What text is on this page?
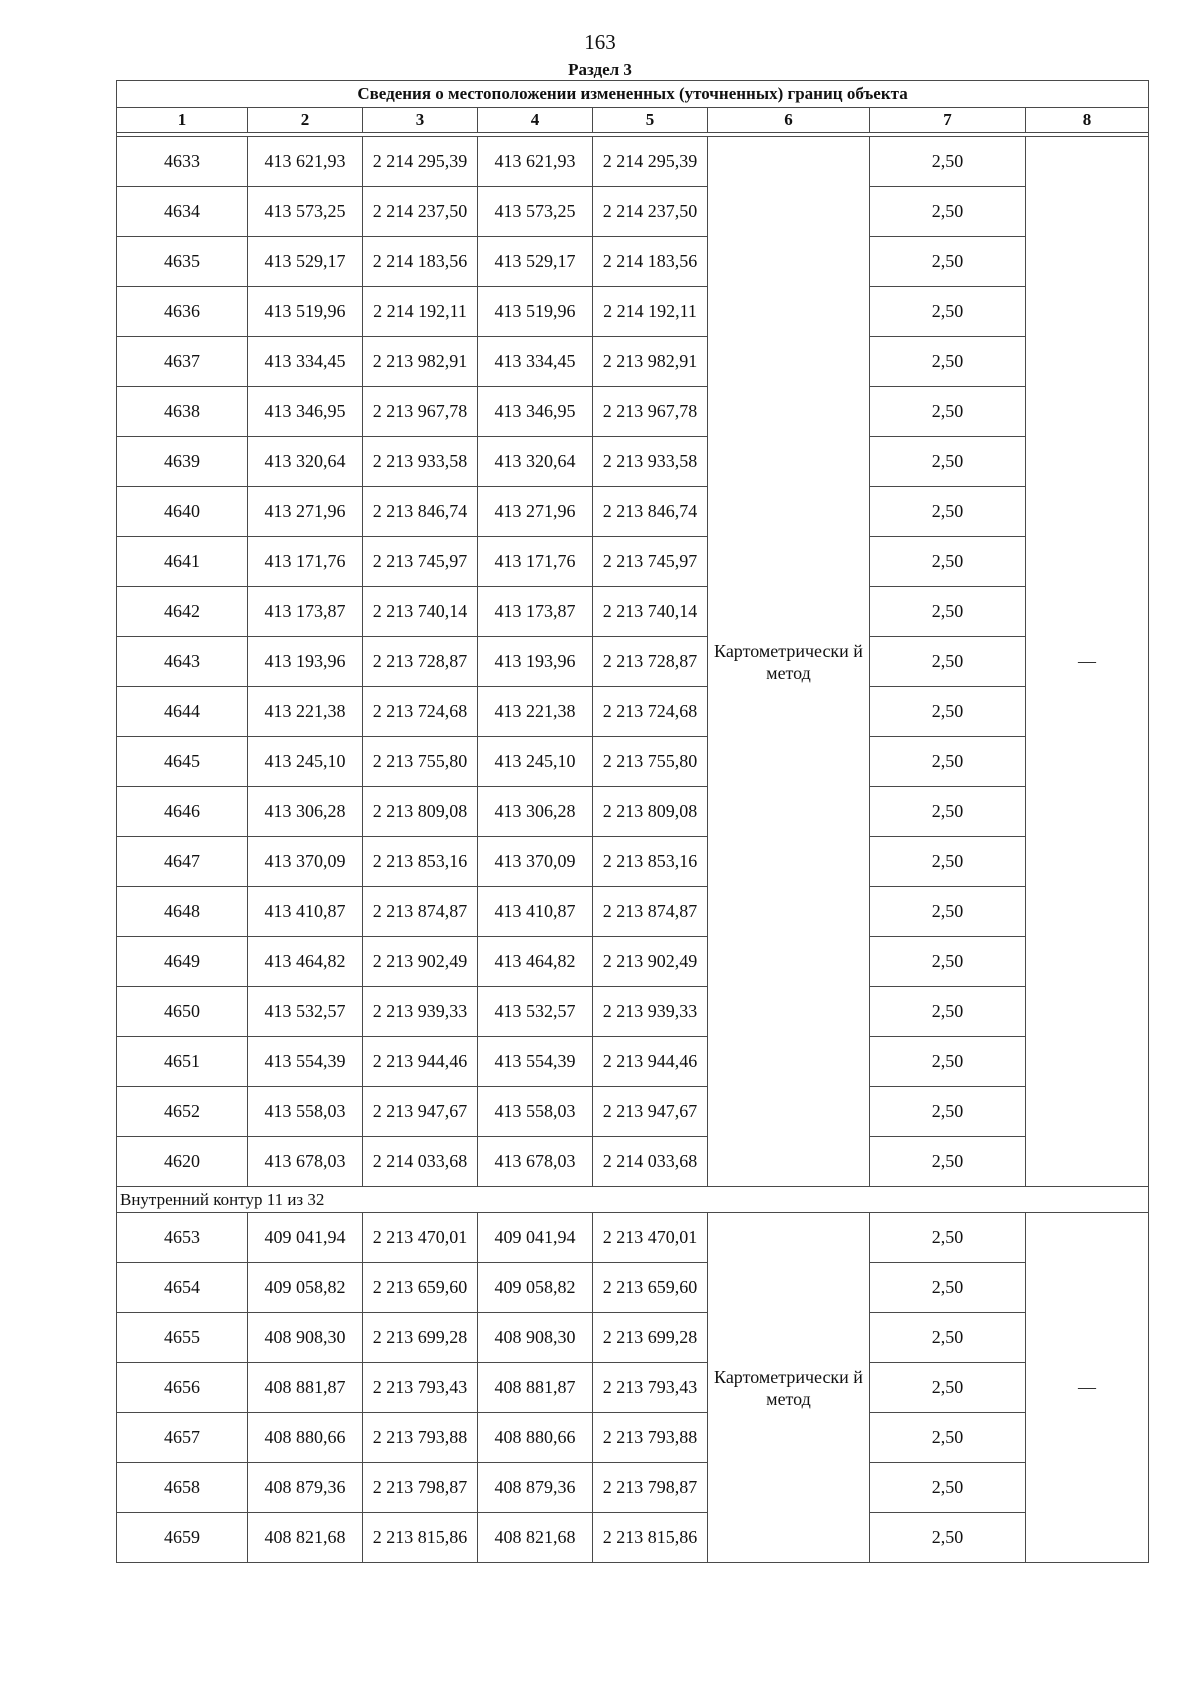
163
Раздел 3
Сведения о местоположении измененных (уточненных) границ объекта							
1	2	3	4	5	6	7	8

4633	413 621,93	2 214 295,39	413 621,93	2 214 295,39	Картометрически й метод	2,50	—
4634	413 573,25	2 214 237,50	413 573,25	2 214 237,50		2,50	
4635	413 529,17	2 214 183,56	413 529,17	2 214 183,56		2,50	
4636	413 519,96	2 214 192,11	413 519,96	2 214 192,11		2,50	
4637	413 334,45	2 213 982,91	413 334,45	2 213 982,91		2,50	
4638	413 346,95	2 213 967,78	413 346,95	2 213 967,78		2,50	
4639	413 320,64	2 213 933,58	413 320,64	2 213 933,58		2,50	
4640	413 271,96	2 213 846,74	413 271,96	2 213 846,74		2,50	
4641	413 171,76	2 213 745,97	413 171,76	2 213 745,97		2,50	
4642	413 173,87	2 213 740,14	413 173,87	2 213 740,14		2,50	
4643	413 193,96	2 213 728,87	413 193,96	2 213 728,87		2,50	
4644	413 221,38	2 213 724,68	413 221,38	2 213 724,68		2,50	
4645	413 245,10	2 213 755,80	413 245,10	2 213 755,80		2,50	
4646	413 306,28	2 213 809,08	413 306,28	2 213 809,08		2,50	
4647	413 370,09	2 213 853,16	413 370,09	2 213 853,16		2,50	
4648	413 410,87	2 213 874,87	413 410,87	2 213 874,87		2,50	
4649	413 464,82	2 213 902,49	413 464,82	2 213 902,49		2,50	
4650	413 532,57	2 213 939,33	413 532,57	2 213 939,33		2,50	
4651	413 554,39	2 213 944,46	413 554,39	2 213 944,46		2,50	
4652	413 558,03	2 213 947,67	413 558,03	2 213 947,67		2,50	
4620	413 678,03	2 214 033,68	413 678,03	2 214 033,68		2,50	
Внутренний контур 11 из 32							
4653	409 041,94	2 213 470,01	409 041,94	2 213 470,01	Картометрически й метод	2,50	—
4654	409 058,82	2 213 659,60	409 058,82	2 213 659,60		2,50	
4655	408 908,30	2 213 699,28	408 908,30	2 213 699,28		2,50	
4656	408 881,87	2 213 793,43	408 881,87	2 213 793,43		2,50	
4657	408 880,66	2 213 793,88	408 880,66	2 213 793,88		2,50	
4658	408 879,36	2 213 798,87	408 879,36	2 213 798,87		2,50	
4659	408 821,68	2 213 815,86	408 821,68	2 213 815,86		2,50	
